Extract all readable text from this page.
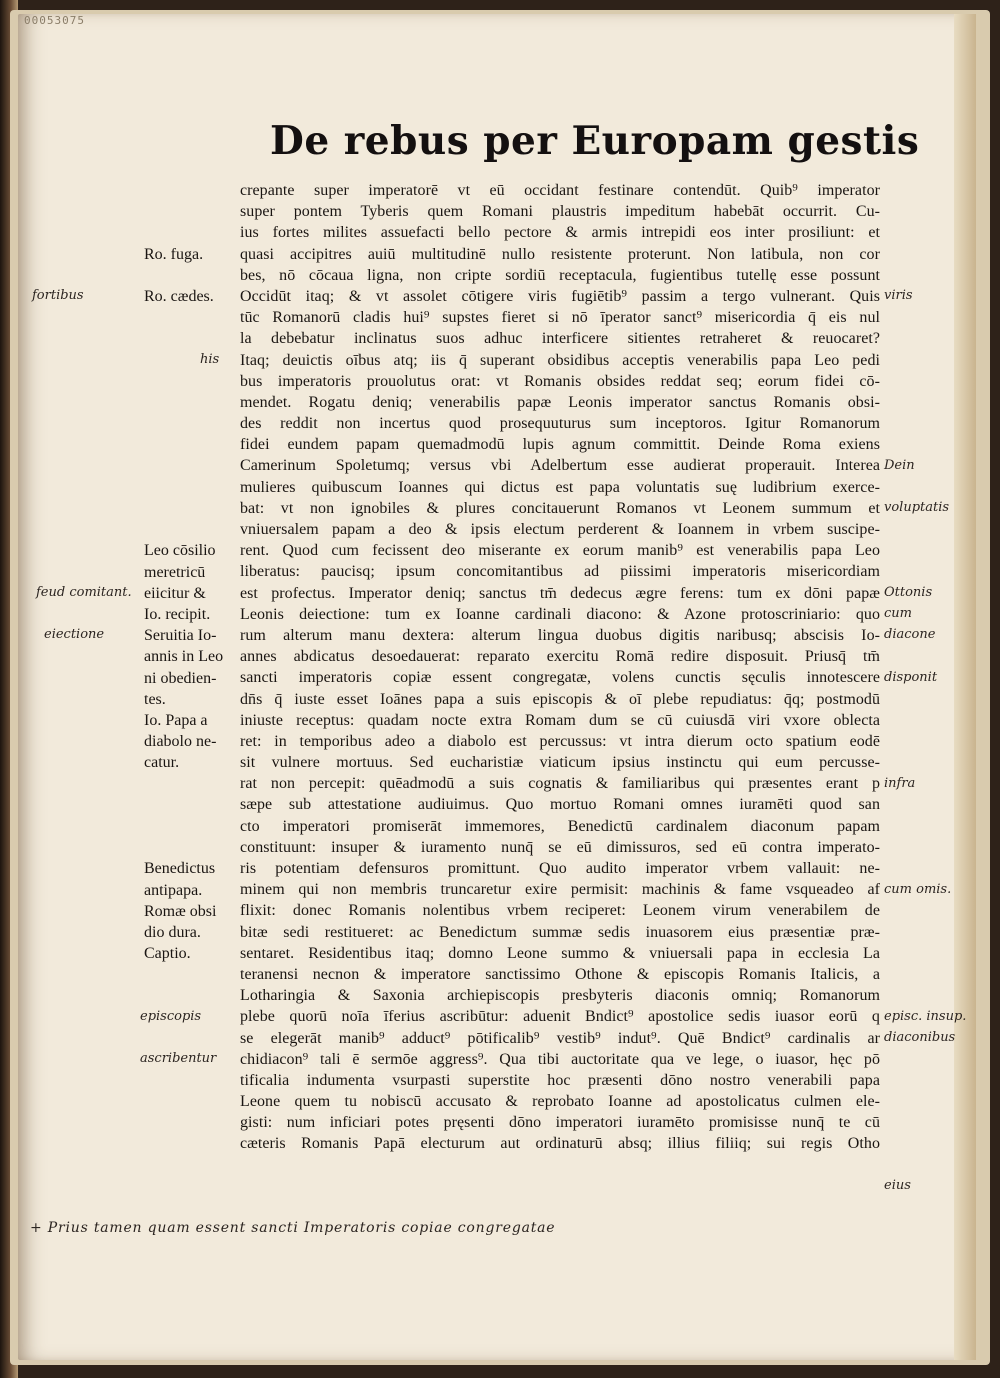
00053075
De rebus per Europam gestis
crepante super imperatorē vt eū occidant festinare contendūt. Quib⁹ imperator
super pontem Tyberis quem Romani plaustris impeditum habebāt occurrit. Cu-
ius fortes milites assuefacti bello pectore & armis intrepidi eos inter prosiliunt: et
quasi accipitres auiū multitudinē nullo resistente proterunt. Non latibula, non cor
bes, nō cōcaua ligna, non cripte sordiū receptacula, fugientibus tutellę esse possunt
Occidūt itaq; & vt assolet cōtigere viris fugiētib⁹ passim a tergo vulnerant. Quis
tūc Romanorū cladis hui⁹ supstes fieret si nō īperator sanct⁹ misericordia q̄ eis nul
la debebatur inclinatus suos adhuc interficere sitientes retraheret & reuocaret?
Itaq; deuictis oībus atq; iis q̄ superant obsidibus acceptis venerabilis papa Leo pedi
bus imperatoris prouolutus orat: vt Romanis obsides reddat seq; eorum fidei cō-
mendet. Rogatu deniq; venerabilis papæ Leonis imperator sanctus Romanis obsi-
des reddit non incertus quod prosequuturus sum inceptoros. Igitur Romanorum
fidei eundem papam quemadmodū lupis agnum committit. Deinde Roma exiens
Camerinum Spoletumq; versus vbi Adelbertum esse audierat properauit. Interea
mulieres quibuscum Ioannes qui dictus est papa voluntatis suę ludibrium exerce-
bat: vt non ignobiles & plures concitauerunt Romanos vt Leonem summum et
vniuersalem papam a deo & ipsis electum perderent & Ioannem in vrbem suscipe-
rent. Quod cum fecissent deo miserante ex eorum manib⁹ est venerabilis papa Leo
liberatus: paucisq; ipsum concomitantibus ad piissimi imperatoris misericordiam
est profectus. Imperator deniq; sanctus tm̄ dedecus ægre ferens: tum ex dōni papæ
Leonis deiectione: tum ex Ioanne cardinali diacono: & Azone protoscriniario: quo
rum alterum manu dextera: alterum lingua duobus digitis naribusq; abscisis Io-
annes abdicatus desoedauerat: reparato exercitu Romā redire disposuit. Priusq̄ tm̄
sancti imperatoris copiæ essent congregatæ, volens cunctis sęculis innotescere
dn̄s q̄ iuste esset Ioānes papa a suis episcopis & oī plebe repudiatus: q̄q; postmodū
iniuste receptus: quadam nocte extra Romam dum se cū cuiusdā viri vxore oblecta
ret: in temporibus adeo a diabolo est percussus: vt intra dierum octo spatium eodē
sit vulnere mortuus. Sed eucharistiæ viaticum ipsius instinctu qui eum percusse-
rat non percepit: quēadmodū a suis cognatis & familiaribus qui præsentes erant p
sæpe sub attestatione audiuimus. Quo mortuo Romani omnes iuramēti quod san
cto imperatori promiserāt immemores, Benedictū cardinalem diaconum papam
constituunt: insuper & iuramento nunq̄ se eū dimissuros, sed eū contra imperato-
ris potentiam defensuros promittunt. Quo audito imperator vrbem vallauit: ne-
minem qui non membris truncaretur exire permisit: machinis & fame vsqueadeo af
flixit: donec Romanis nolentibus vrbem reciperet: Leonem virum venerabilem de
bitæ sedi restitueret: ac Benedictum summæ sedis inuasorem eius præsentiæ præ-
sentaret. Residentibus itaq; domno Leone summo & vniuersali papa in ecclesia La
teranensi necnon & imperatore sanctissimo Othone & episcopis Romanis Italicis, a
Lotharingia & Saxonia archiepiscopis presbyteris diaconis omniq; Romanorum
plebe quorū noīa īferius ascribūtur: aduenit Bndict⁹ apostolice sedis iuasor eorū q
se elegerāt manib⁹ adduct⁹ pōtificalib⁹ vestib⁹ indut⁹. Quē Bndict⁹ cardinalis ar
chidiacon⁹ tali ē sermōe aggress⁹. Qua tibi auctoritate qua ve lege, o iuasor, hęc pō
tificalia indumenta vsurpasti superstite hoc præsenti dōno nostro venerabili papa
Leone quem tu nobiscū accusato & reprobato Ioanne ad apostolicatus culmen ele-
gisti: num inficiari potes pręsenti dōno imperatori iuramēto promisisse nunq̄ te cū
cæteris Romanis Papā electurum aut ordinaturū absq; illius filiiq; sui regis Otho
Ro. fuga.
Ro. cædes.
Leo cōsilio
meretricū
eiicitur &
Io. recipit.
Seruitia Io-
annis in Leo
ni obedien-
tes.
Io. Papa a
diabolo ne-
catur.
Benedictus
antipapa.
Romæ obsi
dio dura.
Captio.
fortibus
his
feud comitant.
eiectione
episcopis
ascribentur
viris
Dein
voluptatis
Ottonis
cum
diacone
disponit
infra
cum omis.
episc. insup.
diaconibus
eius
+ Prius tamen quam essent sancti Imperatoris copiae congregatae
